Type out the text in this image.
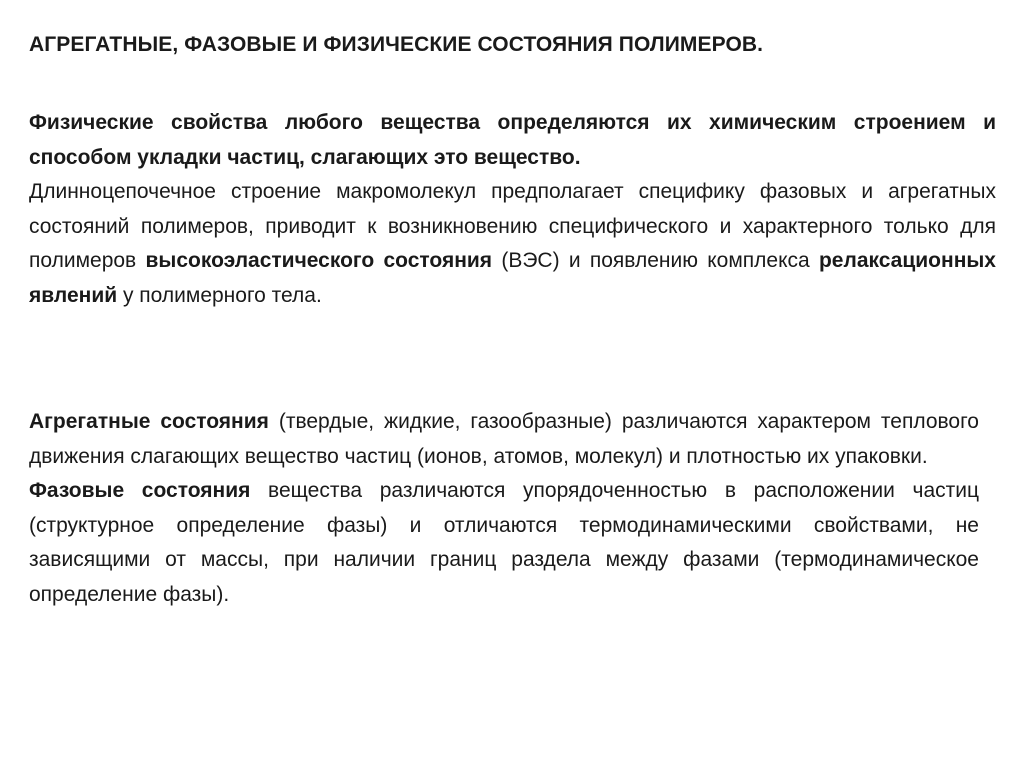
АГРЕГАТНЫЕ, ФАЗОВЫЕ И ФИЗИЧЕСКИЕ СОСТОЯНИЯ ПОЛИМЕРОВ.

Физические свойства любого вещества определяются их химическим строением и способом укладки частиц, слагающих это вещество.

Длинноцепочечное строение макромолекул предполагает специфику фазовых и агрегатных состояний полимеров, приводит к возникновению специфического и характерного только для полимеров высокоэластического состояния (ВЭС) и появлению комплекса релаксационных явлений у полимерного тела.

Агрегатные состояния (твердые, жидкие, газообразные) различаются характером теплового движения слагающих вещество частиц (ионов, атомов, молекул) и плотностью их упаковки.

Фазовые состояния вещества различаются упорядоченностью в расположении частиц (структурное определение фазы) и отличаются термодинамическими свойствами, не зависящими от массы, при наличии границ раздела между фазами (термодинамическое определение фазы).
